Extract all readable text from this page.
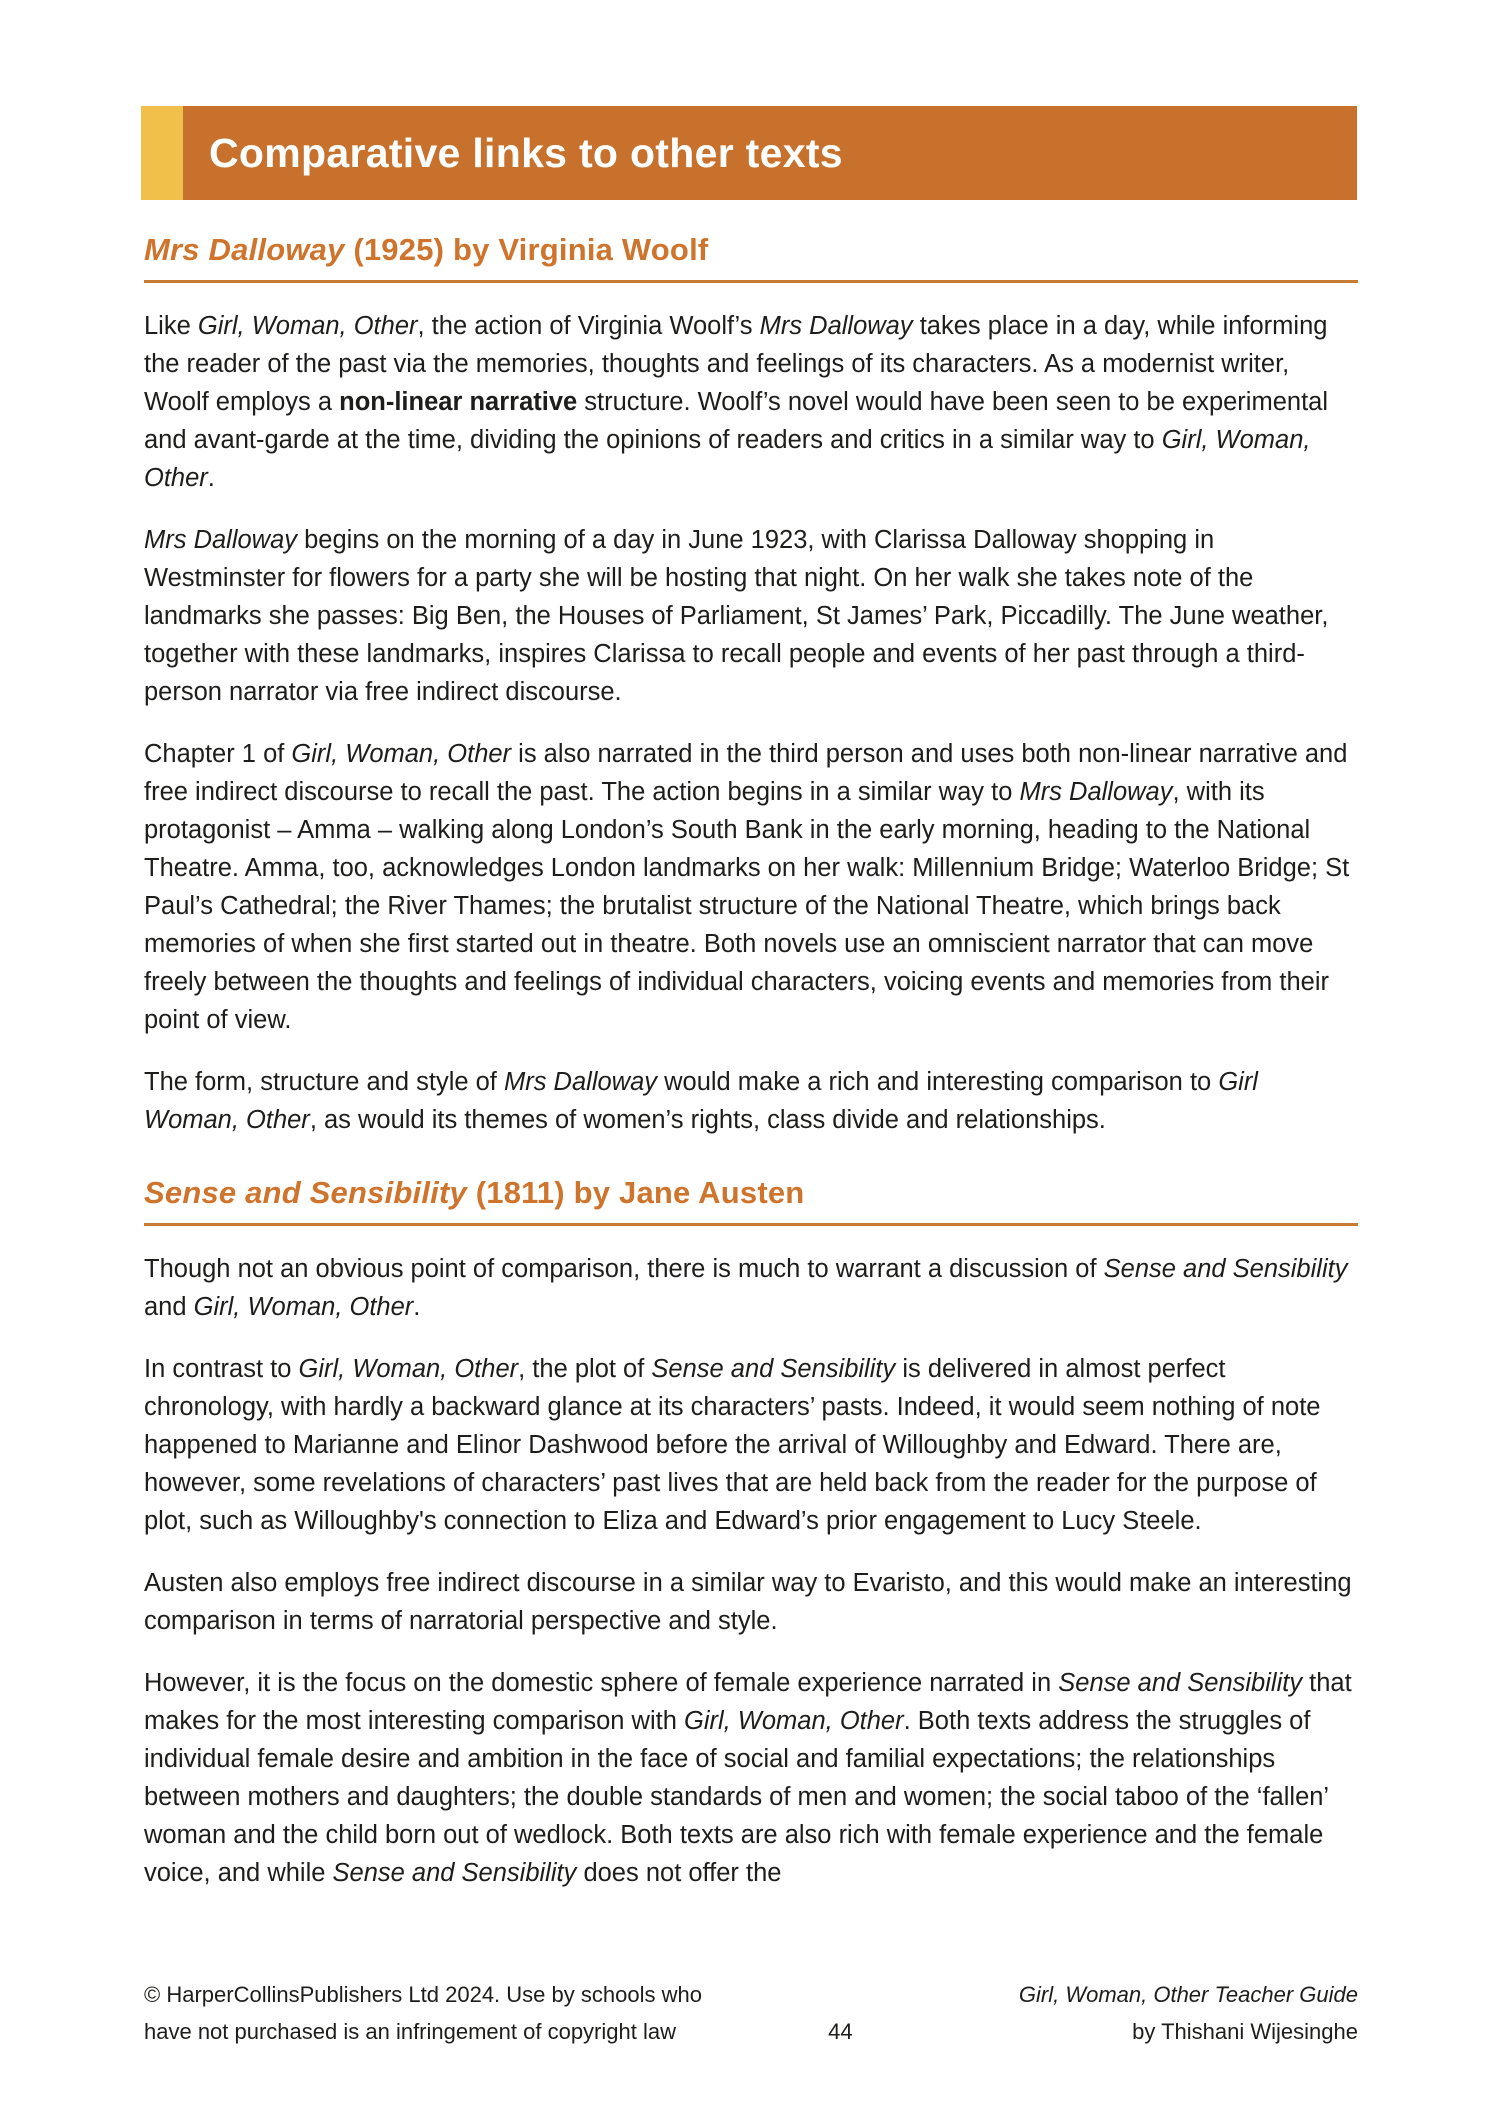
Comparative links to other texts
Mrs Dalloway (1925) by Virginia Woolf

Like Girl, Woman, Other, the action of Virginia Woolf’s Mrs Dalloway takes place in a day, while informing the reader of the past via the memories, thoughts and feelings of its characters. As a modernist writer, Woolf employs a non-linear narrative structure. Woolf’s novel would have been seen to be experimental and avant-garde at the time, dividing the opinions of readers and critics in a similar way to Girl, Woman, Other.

Mrs Dalloway begins on the morning of a day in June 1923, with Clarissa Dalloway shopping in Westminster for flowers for a party she will be hosting that night. On her walk she takes note of the landmarks she passes: Big Ben, the Houses of Parliament, St James’ Park, Piccadilly. The June weather, together with these landmarks, inspires Clarissa to recall people and events of her past through a third-person narrator via free indirect discourse.

Chapter 1 of Girl, Woman, Other is also narrated in the third person and uses both non-linear narrative and free indirect discourse to recall the past. The action begins in a similar way to Mrs Dalloway, with its protagonist – Amma – walking along London’s South Bank in the early morning, heading to the National Theatre. Amma, too, acknowledges London landmarks on her walk: Millennium Bridge; Waterloo Bridge; St Paul’s Cathedral; the River Thames; the brutalist structure of the National Theatre, which brings back memories of when she first started out in theatre. Both novels use an omniscient narrator that can move freely between the thoughts and feelings of individual characters, voicing events and memories from their point of view.

The form, structure and style of Mrs Dalloway would make a rich and interesting comparison to Girl Woman, Other, as would its themes of women’s rights, class divide and relationships.

Sense and Sensibility (1811) by Jane Austen

Though not an obvious point of comparison, there is much to warrant a discussion of Sense and Sensibility and Girl, Woman, Other.

In contrast to Girl, Woman, Other, the plot of Sense and Sensibility is delivered in almost perfect chronology, with hardly a backward glance at its characters’ pasts. Indeed, it would seem nothing of note happened to Marianne and Elinor Dashwood before the arrival of Willoughby and Edward. There are, however, some revelations of characters’ past lives that are held back from the reader for the purpose of plot, such as Willoughby's connection to Eliza and Edward’s prior engagement to Lucy Steele.

Austen also employs free indirect discourse in a similar way to Evaristo, and this would make an interesting comparison in terms of narratorial perspective and style.

However, it is the focus on the domestic sphere of female experience narrated in Sense and Sensibility that makes for the most interesting comparison with Girl, Woman, Other. Both texts address the struggles of individual female desire and ambition in the face of social and familial expectations; the relationships between mothers and daughters; the double standards of men and women; the social taboo of the ‘fallen’ woman and the child born out of wedlock. Both texts are also rich with female experience and the female voice, and while Sense and Sensibility does not offer the

© HarperCollinsPublishers Ltd 2024. Use by schools who
have not purchased is an infringement of copyright law	44
Girl, Woman, Other Teacher Guide
by Thishani Wijesinghe
